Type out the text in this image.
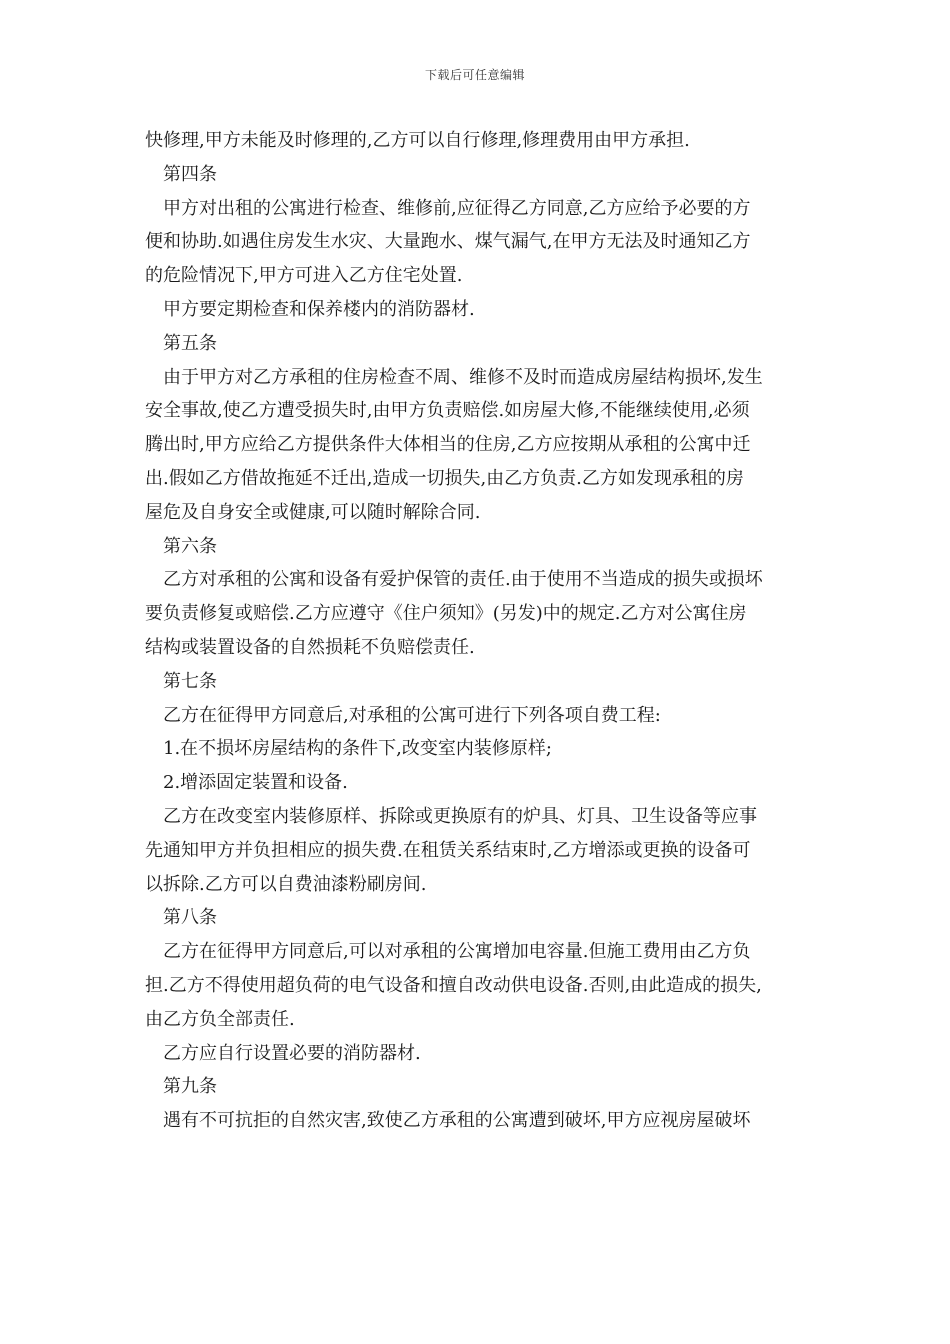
下载后可任意编辑
快修理,甲方未能及时修理的,乙方可以自行修理,修理费用由甲方承担.
第四条
甲方对出租的公寓进行检查、维修前,应征得乙方同意,乙方应给予必要的方
便和协助.如遇住房发生水灾、大量跑水、煤气漏气,在甲方无法及时通知乙方
的危险情况下,甲方可进入乙方住宅处置.
甲方要定期检查和保养楼内的消防器材.
第五条
由于甲方对乙方承租的住房检查不周、维修不及时而造成房屋结构损坏,发生
安全事故,使乙方遭受损失时,由甲方负责赔偿.如房屋大修,不能继续使用,必须
腾出时,甲方应给乙方提供条件大体相当的住房,乙方应按期从承租的公寓中迁
出.假如乙方借故拖延不迁出,造成一切损失,由乙方负责.乙方如发现承租的房
屋危及自身安全或健康,可以随时解除合同.
第六条
乙方对承租的公寓和设备有爱护保管的责任.由于使用不当造成的损失或损坏
要负责修复或赔偿.乙方应遵守《住户须知》(另发)中的规定.乙方对公寓住房
结构或装置设备的自然损耗不负赔偿责任.
第七条
乙方在征得甲方同意后,对承租的公寓可进行下列各项自费工程:
1.在不损坏房屋结构的条件下,改变室内装修原样;
2.增添固定装置和设备.
乙方在改变室内装修原样、拆除或更换原有的炉具、灯具、卫生设备等应事
先通知甲方并负担相应的损失费.在租赁关系结束时,乙方增添或更换的设备可
以拆除.乙方可以自费油漆粉刷房间.
第八条
乙方在征得甲方同意后,可以对承租的公寓增加电容量.但施工费用由乙方负
担.乙方不得使用超负荷的电气设备和擅自改动供电设备.否则,由此造成的损失,
由乙方负全部责任.
乙方应自行设置必要的消防器材.
第九条
遇有不可抗拒的自然灾害,致使乙方承租的公寓遭到破坏,甲方应视房屋破坏
